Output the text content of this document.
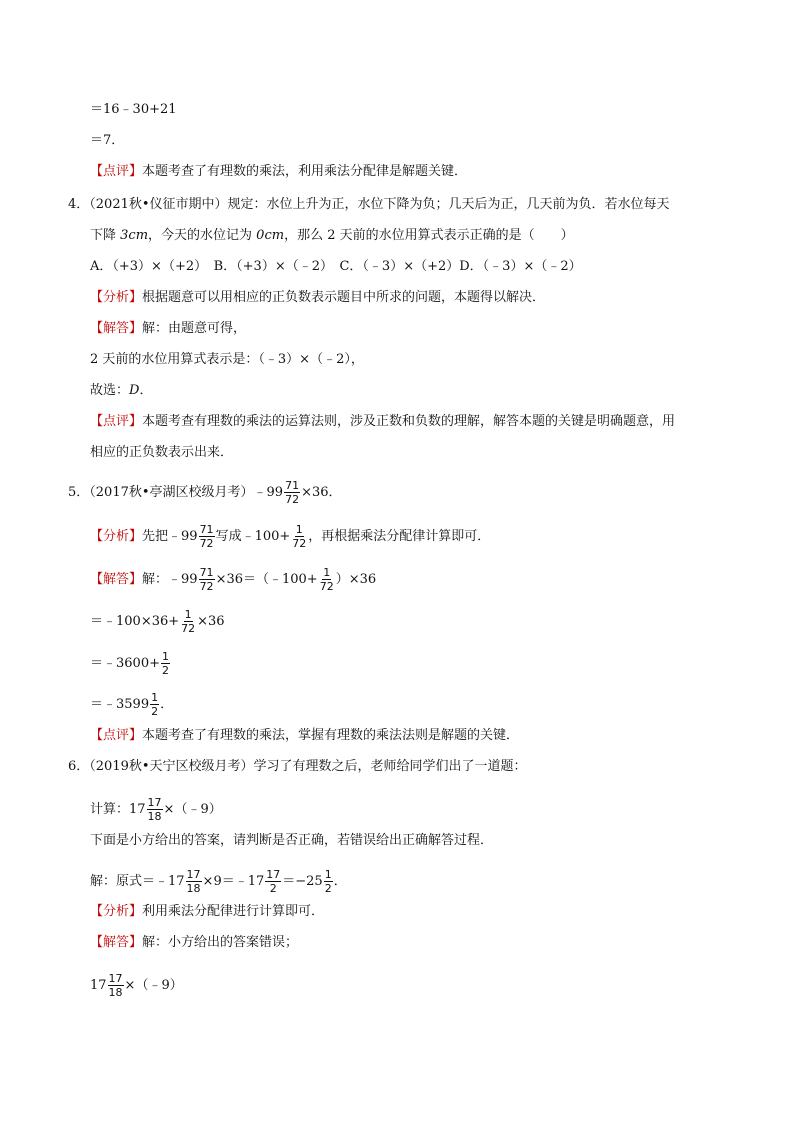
＝16﹣30+21
＝7．
【点评】本题考查了有理数的乘法，利用乘法分配律是解题关键．
4．（2021秋•仪征市期中）规定：水位上升为正，水位下降为负；几天后为正，几天前为负．若水位每天
下降 3cm，今天的水位记为 0cm，那么 2 天前的水位用算式表示正确的是（　　）
A．（+3）×（+2）　B．（+3）×（﹣2）　C．（﹣3）×（+2）D．（﹣3）×（﹣2）
【分析】根据题意可以用相应的正负数表示题目中所求的问题，本题得以解决．
【解答】解：由题意可得，
2 天前的水位用算式表示是：（﹣3）×（﹣2），
故选：D．
【点评】本题考查有理数的乘法的运算法则，涉及正数和负数的理解，解答本题的关键是明确题意，用
相应的正负数表示出来．
5．（2017秋•亭湖区校级月考）﹣99 $\frac{71}{72} \times 36$．
【分析】先把﹣99 $\frac{71}{72}$ 写成﹣100+ $\frac{1}{72}$ ，再根据乘法分配律计算即可．
【解答】解：﹣99 $\frac{71}{72}$ ×36＝（﹣100+ $\frac{1}{72} )\times 36$
＝﹣100×36+ $\frac{1}{72} \times 36$
＝﹣3600+ $\frac{1}{2}$
＝﹣3599 $\frac{1}{2}$ ．
【点评】本题考查了有理数的乘法，掌握有理数的乘法法则是解题的关键．
6．（2019秋•天宁区校级月考）学习了有理数之后，老师给同学们出了一道题：
计算：$17 \frac{17}{18}$ ×（﹣9）
下面是小方给出的答案，请判断是否正确，若错误给出正确解答过程．
解：原式＝﹣17 $\frac{17}{18}$ ×9＝﹣17 $\frac{17}{2} =-25 \frac{1}{2}$ ．
【分析】利用乘法分配律进行计算即可．
【解答】解：小方给出的答案错误；
$17 \frac{17}{18}$ ×（﹣9）
